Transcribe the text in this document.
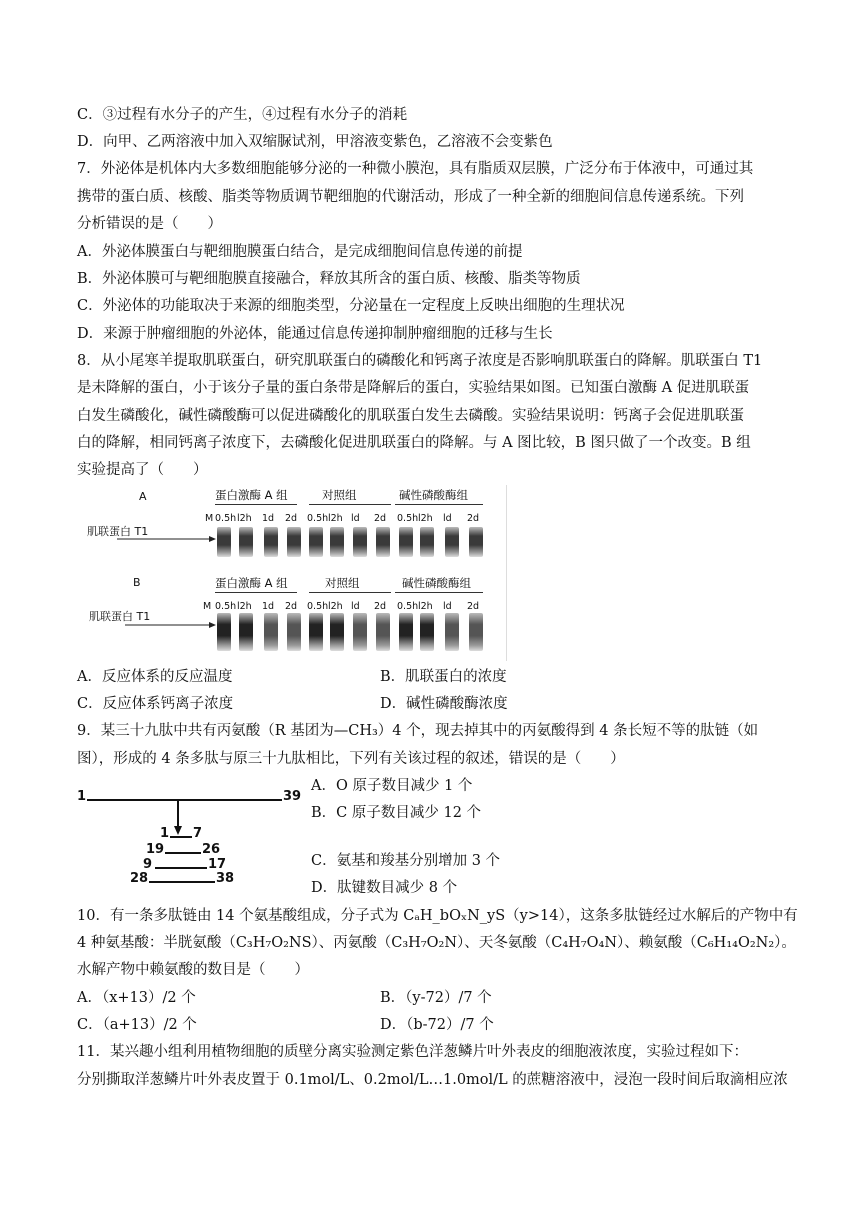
C．③过程有水分子的产生，④过程有水分子的消耗
D．向甲、乙两溶液中加入双缩脲试剂，甲溶液变紫色，乙溶液不会变紫色
7．外泌体是机体内大多数细胞能够分泌的一种微小膜泡，具有脂质双层膜，广泛分布于体液中，可通过其
携带的蛋白质、核酸、脂类等物质调节靶细胞的代谢活动，形成了一种全新的细胞间信息传递系统。下列
分析错误的是（　　）
A．外泌体膜蛋白与靶细胞膜蛋白结合，是完成细胞间信息传递的前提
B．外泌体膜可与靶细胞膜直接融合，释放其所含的蛋白质、核酸、脂类等物质
C．外泌体的功能取决于来源的细胞类型，分泌量在一定程度上反映出细胞的生理状况
D．来源于肿瘤细胞的外泌体，能通过信息传递抑制肿瘤细胞的迁移与生长
8．从小尾寒羊提取肌联蛋白，研究肌联蛋白的磷酸化和钙离子浓度是否影响肌联蛋白的降解。肌联蛋白 T1
是未降解的蛋白，小于该分子量的蛋白条带是降解后的蛋白，实验结果如图。已知蛋白激酶 A 促进肌联蛋
白发生磷酸化，碱性磷酸酶可以促进磷酸化的肌联蛋白发生去磷酸。实验结果说明：钙离子会促进肌联蛋
白的降解，相同钙离子浓度下，去磷酸化促进肌联蛋白的降解。与 A 图比较，B 图只做了一个改变。B 组
实验提高了（　　）
A	蛋白激酶 A 组	对照组	碱性磷酸酶组
M 0.5h l2h 1d 2d 0.5h l2h ld 2d 0.5h l2h ld 2d
肌联蛋白 T1
B	蛋白激酶 A 组	对照组	碱性磷酸酶组
M 0.5h l2h 1d 2d 0.5h l2h ld 2d 0.5h l2h ld 2d
肌联蛋白 T1
A．反应体系的反应温度	B．肌联蛋白的浓度
C．反应体系钙离子浓度	D．碱性磷酸酶浓度
9．某三十九肽中共有丙氨酸（R 基团为—CH₃）4 个，现去掉其中的丙氨酸得到 4 条长短不等的肽链（如
图），形成的 4 条多肽与原三十九肽相比，下列有关该过程的叙述，错误的是（　　）
1	39
1 7
19	26
9	17
28	38
A．O 原子数目减少 1 个
B．C 原子数目减少 12 个
C．氨基和羧基分别增加 3 个
D．肽键数目减少 8 个
10．有一条多肽链由 14 个氨基酸组成，分子式为 CₐH_bOₓN_yS（y>14），这条多肽链经过水解后的产物中有
4 种氨基酸：半胱氨酸（C₃H₇O₂NS）、丙氨酸（C₃H₇O₂N）、天冬氨酸（C₄H₇O₄N）、赖氨酸（C₆H₁₄O₂N₂）。
水解产物中赖氨酸的数目是（　　）
A．（x+13）/2 个	B．（y-72）/7 个
C．（a+13）/2 个	D．（b-72）/7 个
11．某兴趣小组利用植物细胞的质壁分离实验测定紫色洋葱鳞片叶外表皮的细胞液浓度，实验过程如下：
分别撕取洋葱鳞片叶外表皮置于 0.1mol/L、0.2mol/L…1.0mol/L 的蔗糖溶液中，浸泡一段时间后取滴相应浓
